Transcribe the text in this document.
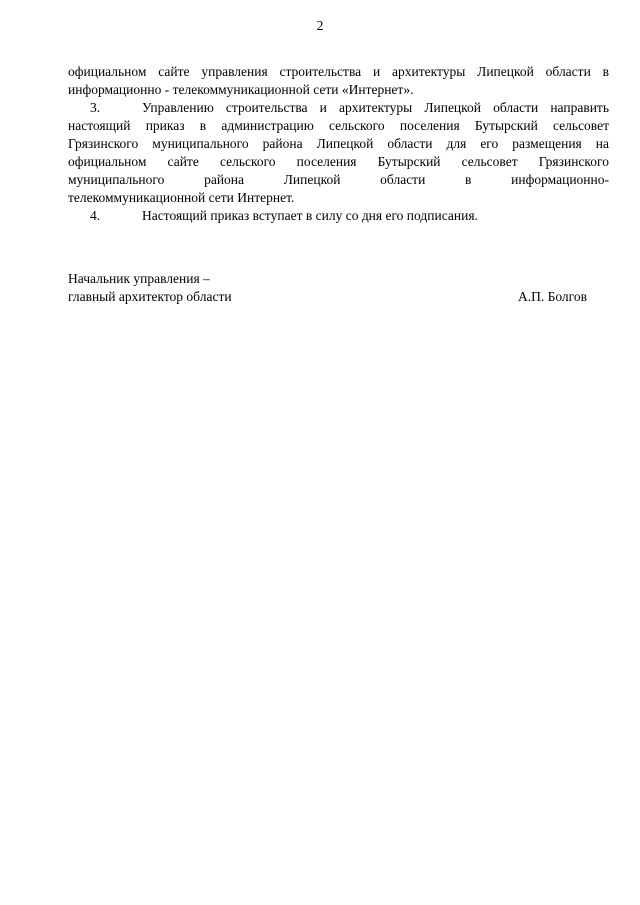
2

официальном сайте управления строительства и архитектуры Липецкой области в

информационно - телекоммуникационной сети «Интернет».

3.	Управлению строительства и архитектуры Липецкой области направить

настоящий приказ в администрацию сельского поселения Бутырский сельсовет

Грязинского муниципального района Липецкой области для его размещения на

официальном сайте сельского поселения Бутырский сельсовет Грязинского

муниципального района Липецкой области в информационно-

телекоммуникационной сети Интернет.

4.	Настоящий приказ вступает в силу со дня его подписания.

Начальник управления –
главный архитектор области	А.П. Болгов
